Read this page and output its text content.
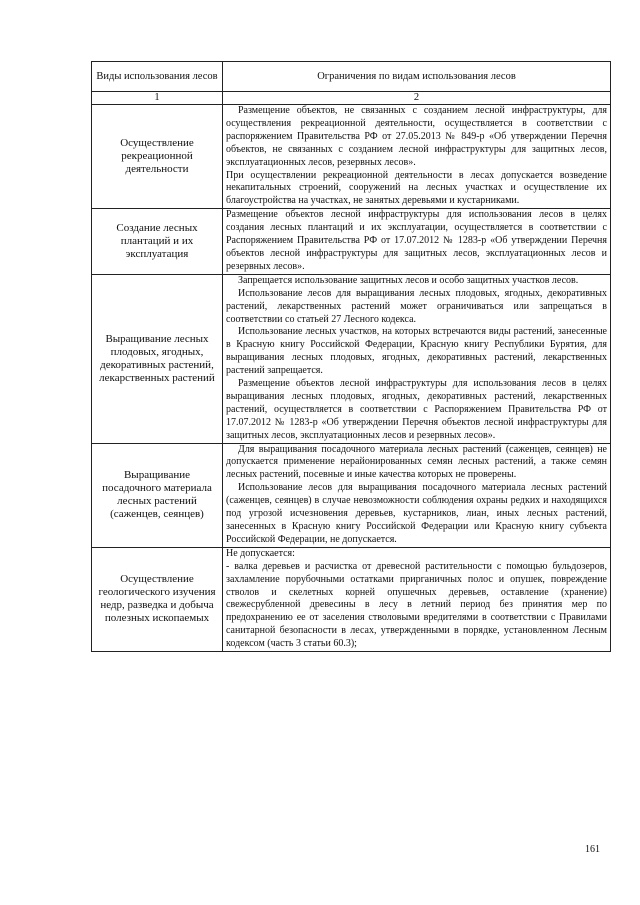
Виды использования лесов	Ограничения по видам использования лесов
1	2
Осуществление рекреационной деятельности	Размещение объектов, не связанных с созданием лесной инфраструктуры, для осуществления рекреационной деятельности, осуществляется в соответствии с распоряжением Правительства РФ от 27.05.2013 № 849-р «Об утверждении Перечня объектов, не связанных с созданием лесной инфраструктуры для защитных лесов, эксплуатационных лесов, резервных лесов».

При осуществлении рекреационной деятельности в лесах допускается возведение некапитальных строений, сооружений на лесных участках и осуществление их благоустройства на участках, не занятых деревьями и кустарниками.

Создание лесных плантаций и их эксплуатация	Размещение объектов лесной инфраструктуры для использования лесов в целях создания лесных плантаций и их эксплуатации, осуществляется в соответствии с Распоряжением Правительства РФ от 17.07.2012 № 1283-р «Об утверждении Перечня объектов лесной инфраструктуры для защитных лесов, эксплуатационных лесов и резервных лесов».

Выращивание лесных плодовых, ягодных, декоративных растений, лекарственных растений	Запрещается использование защитных лесов и особо защитных участков лесов.

Использование лесов для выращивания лесных плодовых, ягодных, декоративных растений, лекарственных растений может ограничиваться или запрещаться в соответствии со статьей 27 Лесного кодекса.

Использование лесных участков, на которых встречаются виды растений, занесенные в Красную книгу Российской Федерации, Красную книгу Республики Бурятия, для выращивания лесных плодовых, ягодных, декоративных растений, лекарственных растений запрещается.

Размещение объектов лесной инфраструктуры для использования лесов в целях выращивания лесных плодовых, ягодных, декоративных растений, лекарственных растений, осуществляется в соответствии с Распоряжением Правительства РФ от 17.07.2012 № 1283-р «Об утверждении Перечня объектов лесной инфраструктуры для защитных лесов, эксплуатационных лесов и резервных лесов».

Выращивание посадочного материала лесных растений (саженцев, сеянцев)	Для выращивания посадочного материала лесных растений (саженцев, сеянцев) не допускается применение нерайонированных семян лесных растений, а также семян лесных растений, посевные и иные качества которых не проверены.

Использование лесов для выращивания посадочного материала лесных растений (саженцев, сеянцев) в случае невозможности соблюдения охраны редких и находящихся под угрозой исчезновения деревьев, кустарников, лиан, иных лесных растений, занесенных в Красную книгу Российской Федерации или Красную книгу субъекта Российской Федерации, не допускается.

Осуществление геологического изучения недр, разведка и добыча полезных ископаемых	Не допускается:

- валка деревьев и расчистка от древесной растительности с помощью бульдозеров, захламление порубочными остатками прирганичных полос и опушек, повреждение стволов и скелетных корней опушечных деревьев, оставление (хранение) свежесрубленной древесины в лесу в летний период без принятия мер по предохранению ее от заселения стволовыми вредителями в соответствии с Правилами санитарной безопасности в лесах, утвержденными в порядке, установленном Лесным кодексом (часть 3 статьи 60.3);

161
